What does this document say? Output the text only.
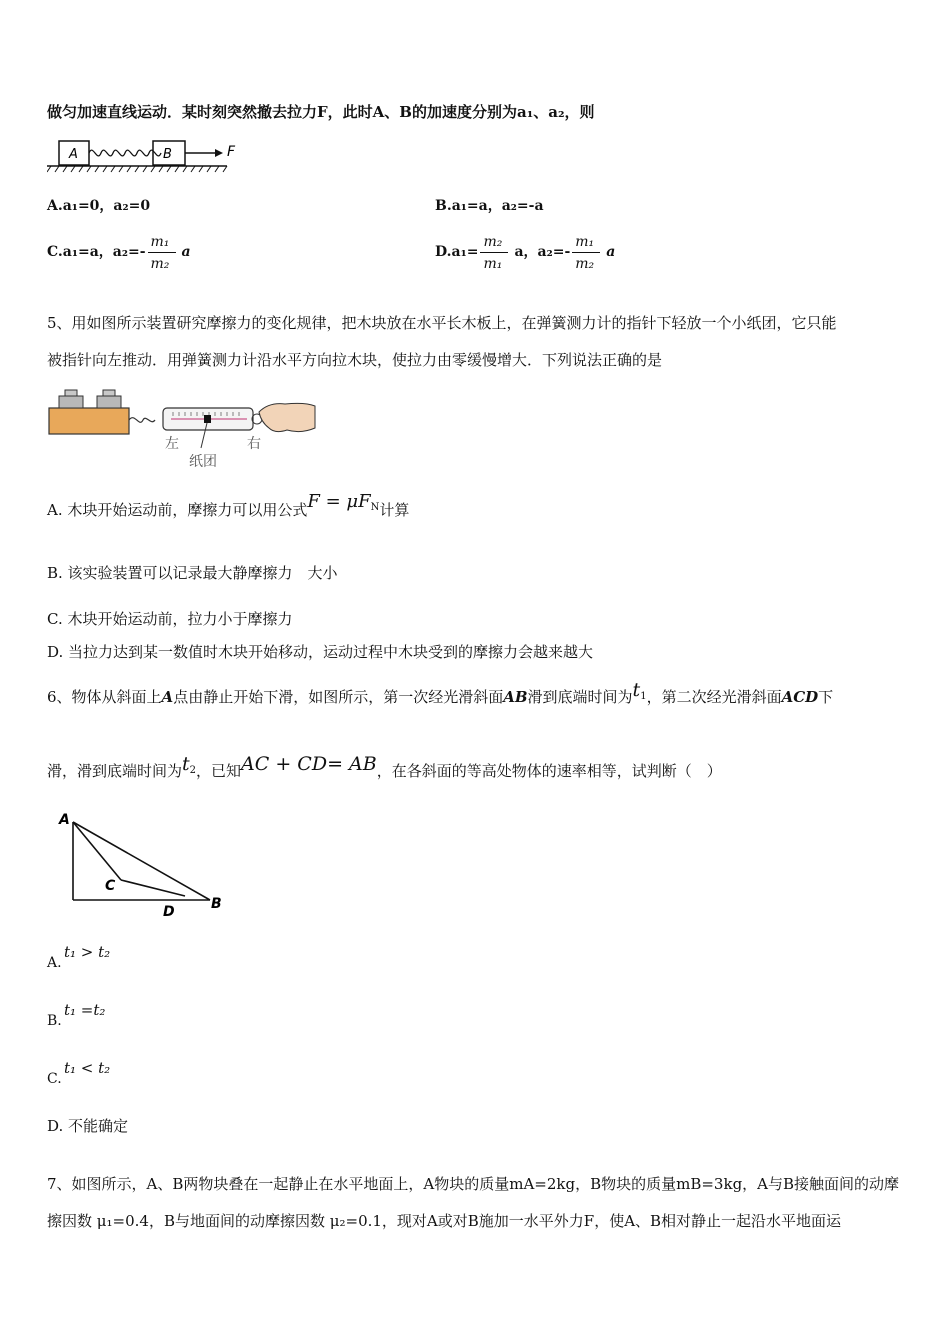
做匀加速直线运动．某时刻突然撤去拉力F，此时A、B的加速度分别为a₁、a₂，则
A	B	F
A.a₁=0，a₂=0	B.a₁=a，a₂=-a
C.a₁=a，$a_2=- \frac{\text{m₁}}{\text{m₂}}$ a	$D.a_1= \frac{\text{m₂}}{\text{m₁}}$ a，$a_2=- \frac{\text{m₁}}{\text{m₂}}$ a
5、用如图所示装置研究摩擦力的变化规律，把木块放在水平长木板上，在弹簧测力计的指针下轻放一个小纸团，它只能
被指针向左推动．用弹簧测力计沿水平方向拉木块，使拉力由零缓慢增大．下列说法正确的是
左	右
纸团
A. 木块开始运动前，摩擦力可以用公式$F = \mu F^N$计算
B. 该实验装置可以记录最大静摩擦力　大小
C. 木块开始运动前，拉力小于摩擦力
D. 当拉力达到某一数值时木块开始移动，运动过程中木块受到的摩擦力会越来越大
6、物体从斜面上A点由静止开始下滑，如图所示，第一次经光滑斜面AB滑到底端时间为$t^1$，第二次经光滑斜面ACD下
滑，滑到底端时间为$t^2$，已知AC + CD= AB，在各斜面的等高处物体的速率相等，试判断（　）
A
C
D	B
A.
t₁ > t₂
B.
t₁ =t₂
C.
t₁ < t₂
D. 不能确定
7、如图所示，A、B两物块叠在一起静止在水平地面上，A物块的质量mA=2kg，B物块的质量mB=3kg，A与B接触面间的动摩
擦因数 μ₁=0.4，B与地面间的动摩擦因数 μ₂=0.1，现对A或对B施加一水平外力F，使A、B相对静止一起沿水平地面运
